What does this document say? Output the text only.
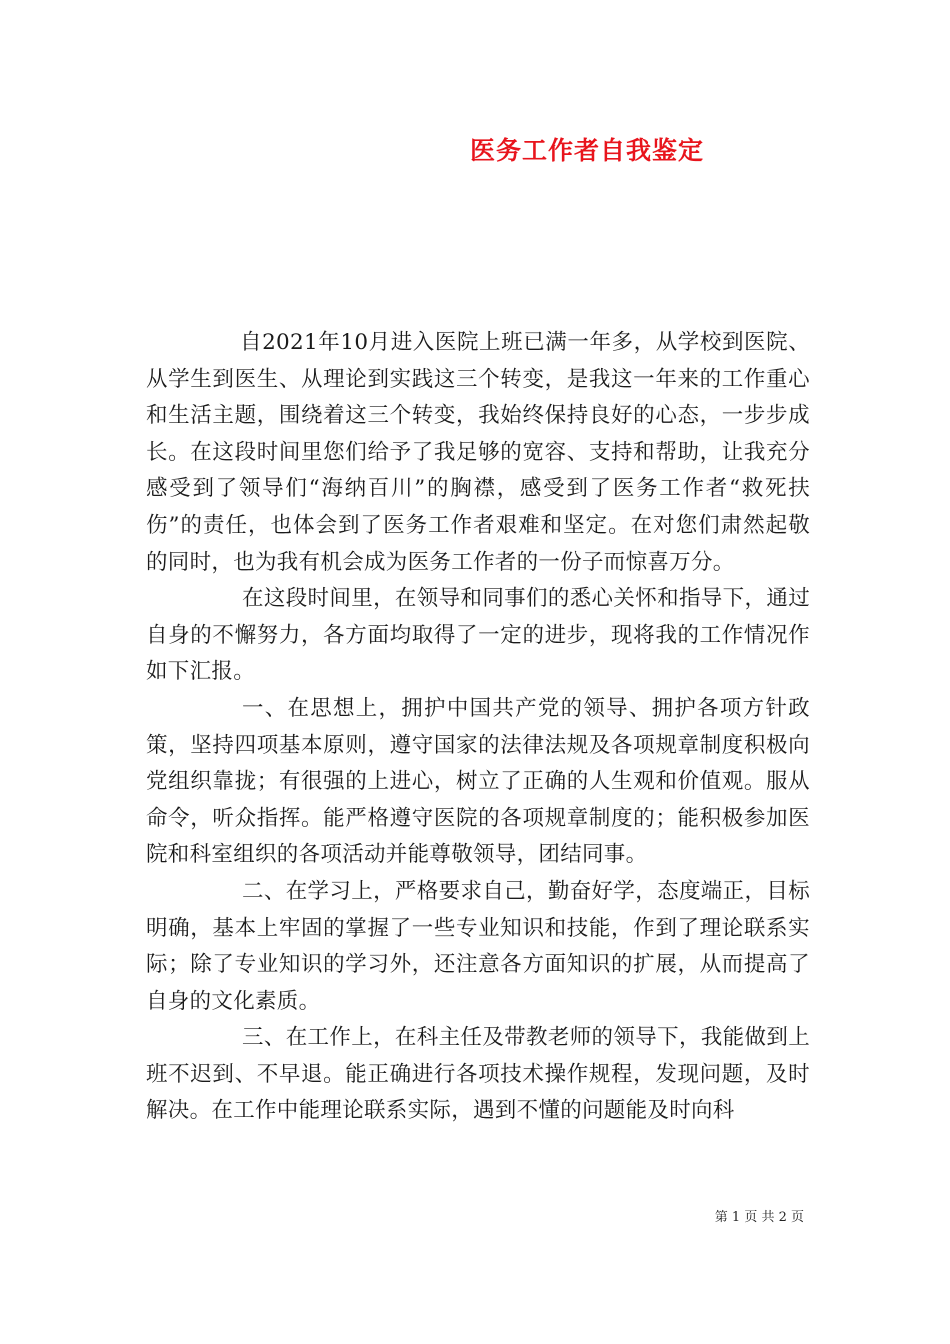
医务工作者自我鉴定

自2021年10月进入医院上班已满一年多，从学校到医院、从学生到医生、从理论到实践这三个转变，是我这一年来的工作重心和生活主题，围绕着这三个转变，我始终保持良好的心态，一步步成长。在这段时间里您们给予了我足够的宽容、支持和帮助，让我充分感受到了领导们“海纳百川”的胸襟，感受到了医务工作者“救死扶伤”的责任，也体会到了医务工作者艰难和坚定。在对您们肃然起敬的同时，也为我有机会成为医务工作者的一份子而惊喜万分。

在这段时间里，在领导和同事们的悉心关怀和指导下，通过自身的不懈努力，各方面均取得了一定的进步，现将我的工作情况作如下汇报。

一、在思想上，拥护中国共产党的领导、拥护各项方针政策，坚持四项基本原则，遵守国家的法律法规及各项规章制度积极向党组织靠拢；有很强的上进心，树立了正确的人生观和价值观。服从命令，听众指挥。能严格遵守医院的各项规章制度的；能积极参加医院和科室组织的各项活动并能尊敬领导，团结同事。

二、在学习上，严格要求自己，勤奋好学，态度端正，目标明确，基本上牢固的掌握了一些专业知识和技能，作到了理论联系实际；除了专业知识的学习外，还注意各方面知识的扩展，从而提高了自身的文化素质。

三、在工作上，在科主任及带教老师的领导下，我能做到上班不迟到、不早退。能正确进行各项技术操作规程，发现问题，及时解决。在工作中能理论联系实际，遇到不懂的问题能及时向科

第 1 页 共 2 页
